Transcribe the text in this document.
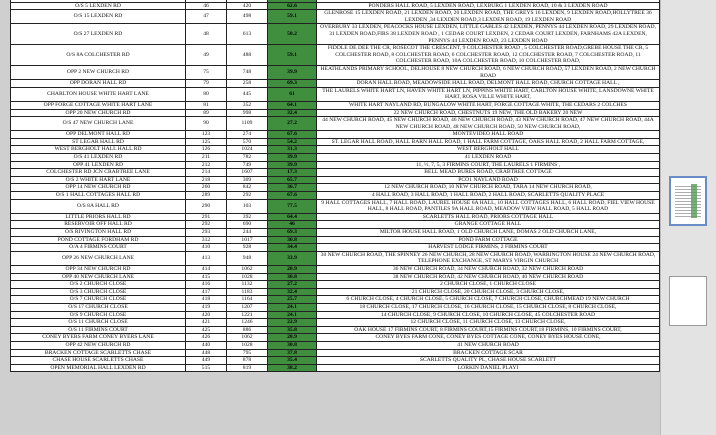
O/S 5 LEXDEN RD	46	420	62.6	PONDERS HALL ROAD, 5 LEXDEN ROAD, LEXBURG 1 LEXDEN ROAD, 10 & 3 LEXDEN ROAD
O/S 15 LEXDEN RD	47	498	59.1	GLENROSE 15 LEXDEN ROAD, 21 LEXDEN ROAD, 20 LEXDEN ROAD, THE GREYS 16 LEXDEN, 9 LEXDEN ROAD,HOLLYTREE 36 LEXDEN ,34 LEXDEN ROAD,3 LEXDEN ROAD, 19 LEXDEN ROAD
O/S 27 LEXDEN RD	48	613	50.2	OVERBURY 33 LEXDEN, PEACOCKS HOUSE LEXDEN, LITTLE GABLES 42 LEXDEN, PENNYS 44 LEXDEN ROAD, 29 LEXDEN ROAD, 31 LEXDEN ROAD,FIRS 38 LEXDEN ROAD , 1 CEDAR COURT LEXDEN, 2 CEDAR COURT LEXDEN, FARNHAMS 42A LEXDEN, PENNYS 44 LEXDEN ROAD, 23 LEXDEN ROAD
O/S 8A COLCHESTER RD	49	488	59.1	FIDDLE DE DEE THE CR, ROSECOT THE CRESCENT, 9 COLCHESTER ROAD , 5 COLCHESTER ROAD,GREBE HOUSE THE CR, 5 COLCHESTER ROAD, 8 COLCHESTER ROAD, 6 COLCHESTER ROAD, 12 COLCHESTER ROAD, 7 COLCHESTER ROAD, 11 COLCHESTER ROAD, 10A COLCHESTER ROAD, 10 COLCHESTER ROAD,
OPP 2 NEW CHURCH RD	75	748	39.9	HEATHLANDS PRIMARY SCHOOL, DELHOUSE 8 NEW CHURCH ROAD, 6 NEW CHURCH ROAD, 57 LEXDEN ROAD, 2 NEW CHURCH ROAD
OPP DORAN HALL RD	79	258	69.3	DORAN HALL ROAD, MEADOWSIDE HALL ROAD, DELMONT HALL ROAD, CHURCH COTTAGE HALL ,
CHARLTON HOUSE WHITE HART LANE	80	445	61	THE LAURELS WHITE HART LN, HAVEN WHITE HART LN, PIPPINS WHITE HART, CARLTON HOUSE WHITE, LANSDOWNE WHITE HART, ROSA VILLE WHITE HART,
OPP FORGE COTTAGE WHITE HART LANE	81	352	64.1	WHITE HART NAYLAND RD, BUNGALOW WHITE HART, FORGE COTTAGE WHITE, THE CEDARS 2 COLCHES
OPP 20 NEW CHURCH RD	89	998	32.4	22 NEW CHURCH ROAD, CHESTNUTS 19 NEW, THE OLD BAKERY 20 NEW
O/S 47 NEW CHURCH LANE	90	1109	27.2	44 NEW CHURCH ROAD, 45 NEW CHURCH ROAD, 46 NEW CHURCH ROAD, 43 NEW CHURCH ROAD, 47 NEW CHURCH ROAD, 44A NEW CHURCH ROAD, 48 NEW CHURCH ROAD, 50 NEW CHURCH ROAD,
OPP DELMONT HALL RD	123	274	67.6	MONTEVIDEO HALL ROAD
ST LEGAR HALL RD	125	570	54.2	ST. LEGAR HALL ROAD, HALL BARN HALL ROAD, 1 HALL FARM COTTAGE, OAKS HALL ROAD, 2 HALL FARM COTTAGE,
WEST BERGHOLT HALL HALL RD	126	1024	31.3	WEST BERGHOLT HALL
O/S 41 LEXDEN RD	211	782	39.9	41 LEXDEN ROAD
OPP 41 LEXDEN RD	212	749	39.9	11, ½, 7, 5, 3 FIRMINS COURT, THE LAURELS 1 FIRMINS ,
COLCHESTER RD JCN CRABTREE LANE	214	1607	17.3	BELL MEAD BURES ROAD, CRABTREE COTTAGE
O/S 2 WHITE HART LANE	218	309	65.7	PCO1 NAYLAND ROAD
OPP 14 NEW CHURCH RD	260	842	36.7	12 NEW CHURCH ROAD, 10 NEW CHURCH ROAD, TARA 14 NEW CHURCH ROAD,
O/S 1 HALL COTTAGES HALL RD	289	292	67.6	4 HALL ROAD, 3 HALL ROAD, 1 HALL ROAD, 2 HALL ROAD, SCARLETTS QUALITY PLACE
O/S 8A HALL RD	290	103	77.5	9 HALL COTTAGES HALL, 7 HALL ROAD, LAUREL HOUSE 6A HALL, 10 HALL COTTAGES HALL, 6 HALL ROAD, FIEL VIEW HOUSE HALL, 8 HALL ROAD, PANTILES 9A HALL ROAD, MEADOW VIEW HALL ROAD, 5 HALL ROAD
LITTLE PRIORS HALL RD	291	392	64.4	SCARLETTS HALL ROAD, PRIORS COTTAGE HALL
RESERVOIR OFF HALL RD	292	690	46	GRANGE COTTAGE HALL
O/S RIVINGTON HALL RD	293	244	69.3	MILTOR HOUSE HALL ROAD, 1 OLD CHURCH LANE, DOMAS 2 OLD CHURCH LANE,
POND COTTAGE FORDHAM RD	312	1017	30.8	POND FARM COTTAGE
O/A 4 FIRMINS COURT	410	928	34.4	HARVEST LODGE FIRMINS, 2 FIRMINS COURT
OPP 26 NEW CHURCH LANE	413	948	33.9	30 NEW CHURCH ROAD, THE SPINNEY 26 NEW CHURCH, 28 NEW CHURCH ROAD, WARRINGTON HOUSE 24 NEW CHURCH ROAD, TELEPHONE EXCHANGE, ST MARYS VIRGIN CHURCH
OPP 34 NEW CHURCH RD	414	1062	28.9	36 NEW CHURCH ROAD, 34 NEW CHURCH ROAD, 32 NEW CHURCH ROAD
OPP 40 NEW CHURCH LANE	415	1028	30.8	38 NEW CHURCH ROAD, 42 NEW CHURCH ROAD, 40 NEW CHURCH ROAD
O/S 2 CHURCH CLOSE	416	1132	27.2	2 CHURCH CLOSE, 1 CHURCH CLOSE
O/S 3 CHURCH CLOSE	417	1183	32.4	21 CHURCH CLOSE, 20 CHURCH CLOSE, 3 CHURCH CLOSE,
O/S 7 CHURCH CLOSE	418	1164	25.7	6 CHURCH CLOSE, 4 CHURCH CLOSE, 5 CHURCH CLOSE, 7 CHURCH CLOSE, CHURCHMEAD 19 NEW CHURCH
O/S 17 CHURCH CLOSE	419	1207	24.1	18 CHURCH CLOSE, 17 CHURCH CLOSE, 16 CHURCH CLOSE, 15 CHURCH CLOSE, 8 CHURCH CLOSE,
O/S 9 CHURCH CLOSE	420	1221	24.1	14 CHURCH CLOSE, 9 CHURCH CLOSE, 10 CHURCH CLOSE, 45 COLCHESTER ROAD
O/S 11 CHURCH CLOSE	421	1246	22.9	12 CHURCH CLOSE, 11 CHURCH CLOSE, 13 CHURCH CLOSE,
O/S 11 FIRMINS COURT	425	886	35.8	OAK HOUSE 17 FIRMINS COURT, 8 FIRMINS COURT,15 FIRMINS COURT,18 FIRMINS, 10 FIRMINS COURT,
CONEY BYERS FARM CONEY BYERS LANE	426	1062	28.9	CONEY BYES FARM CONE, CONEY BYES COTTAGE CONE, CONEY BYES HOUSE CONE,
OPP 42 NEW CHURCH RD	440	1028	30.8	41 NEW CHURCH ROAD
BRACKEN COTTAGE SCARLETTS CHASE	448	795	37.8	BRACKEN COTTAGE SCAR
CHASE HOUSE SCARLETTS CHASE	449	878	35.4	SCARLETTS QUALITY PL, CHASE HOUSE SCARLETT
OPEN MEMORIAL HALL LEXDEN RD	515	819	38.2	LORKIN DANIEL PLAYI
